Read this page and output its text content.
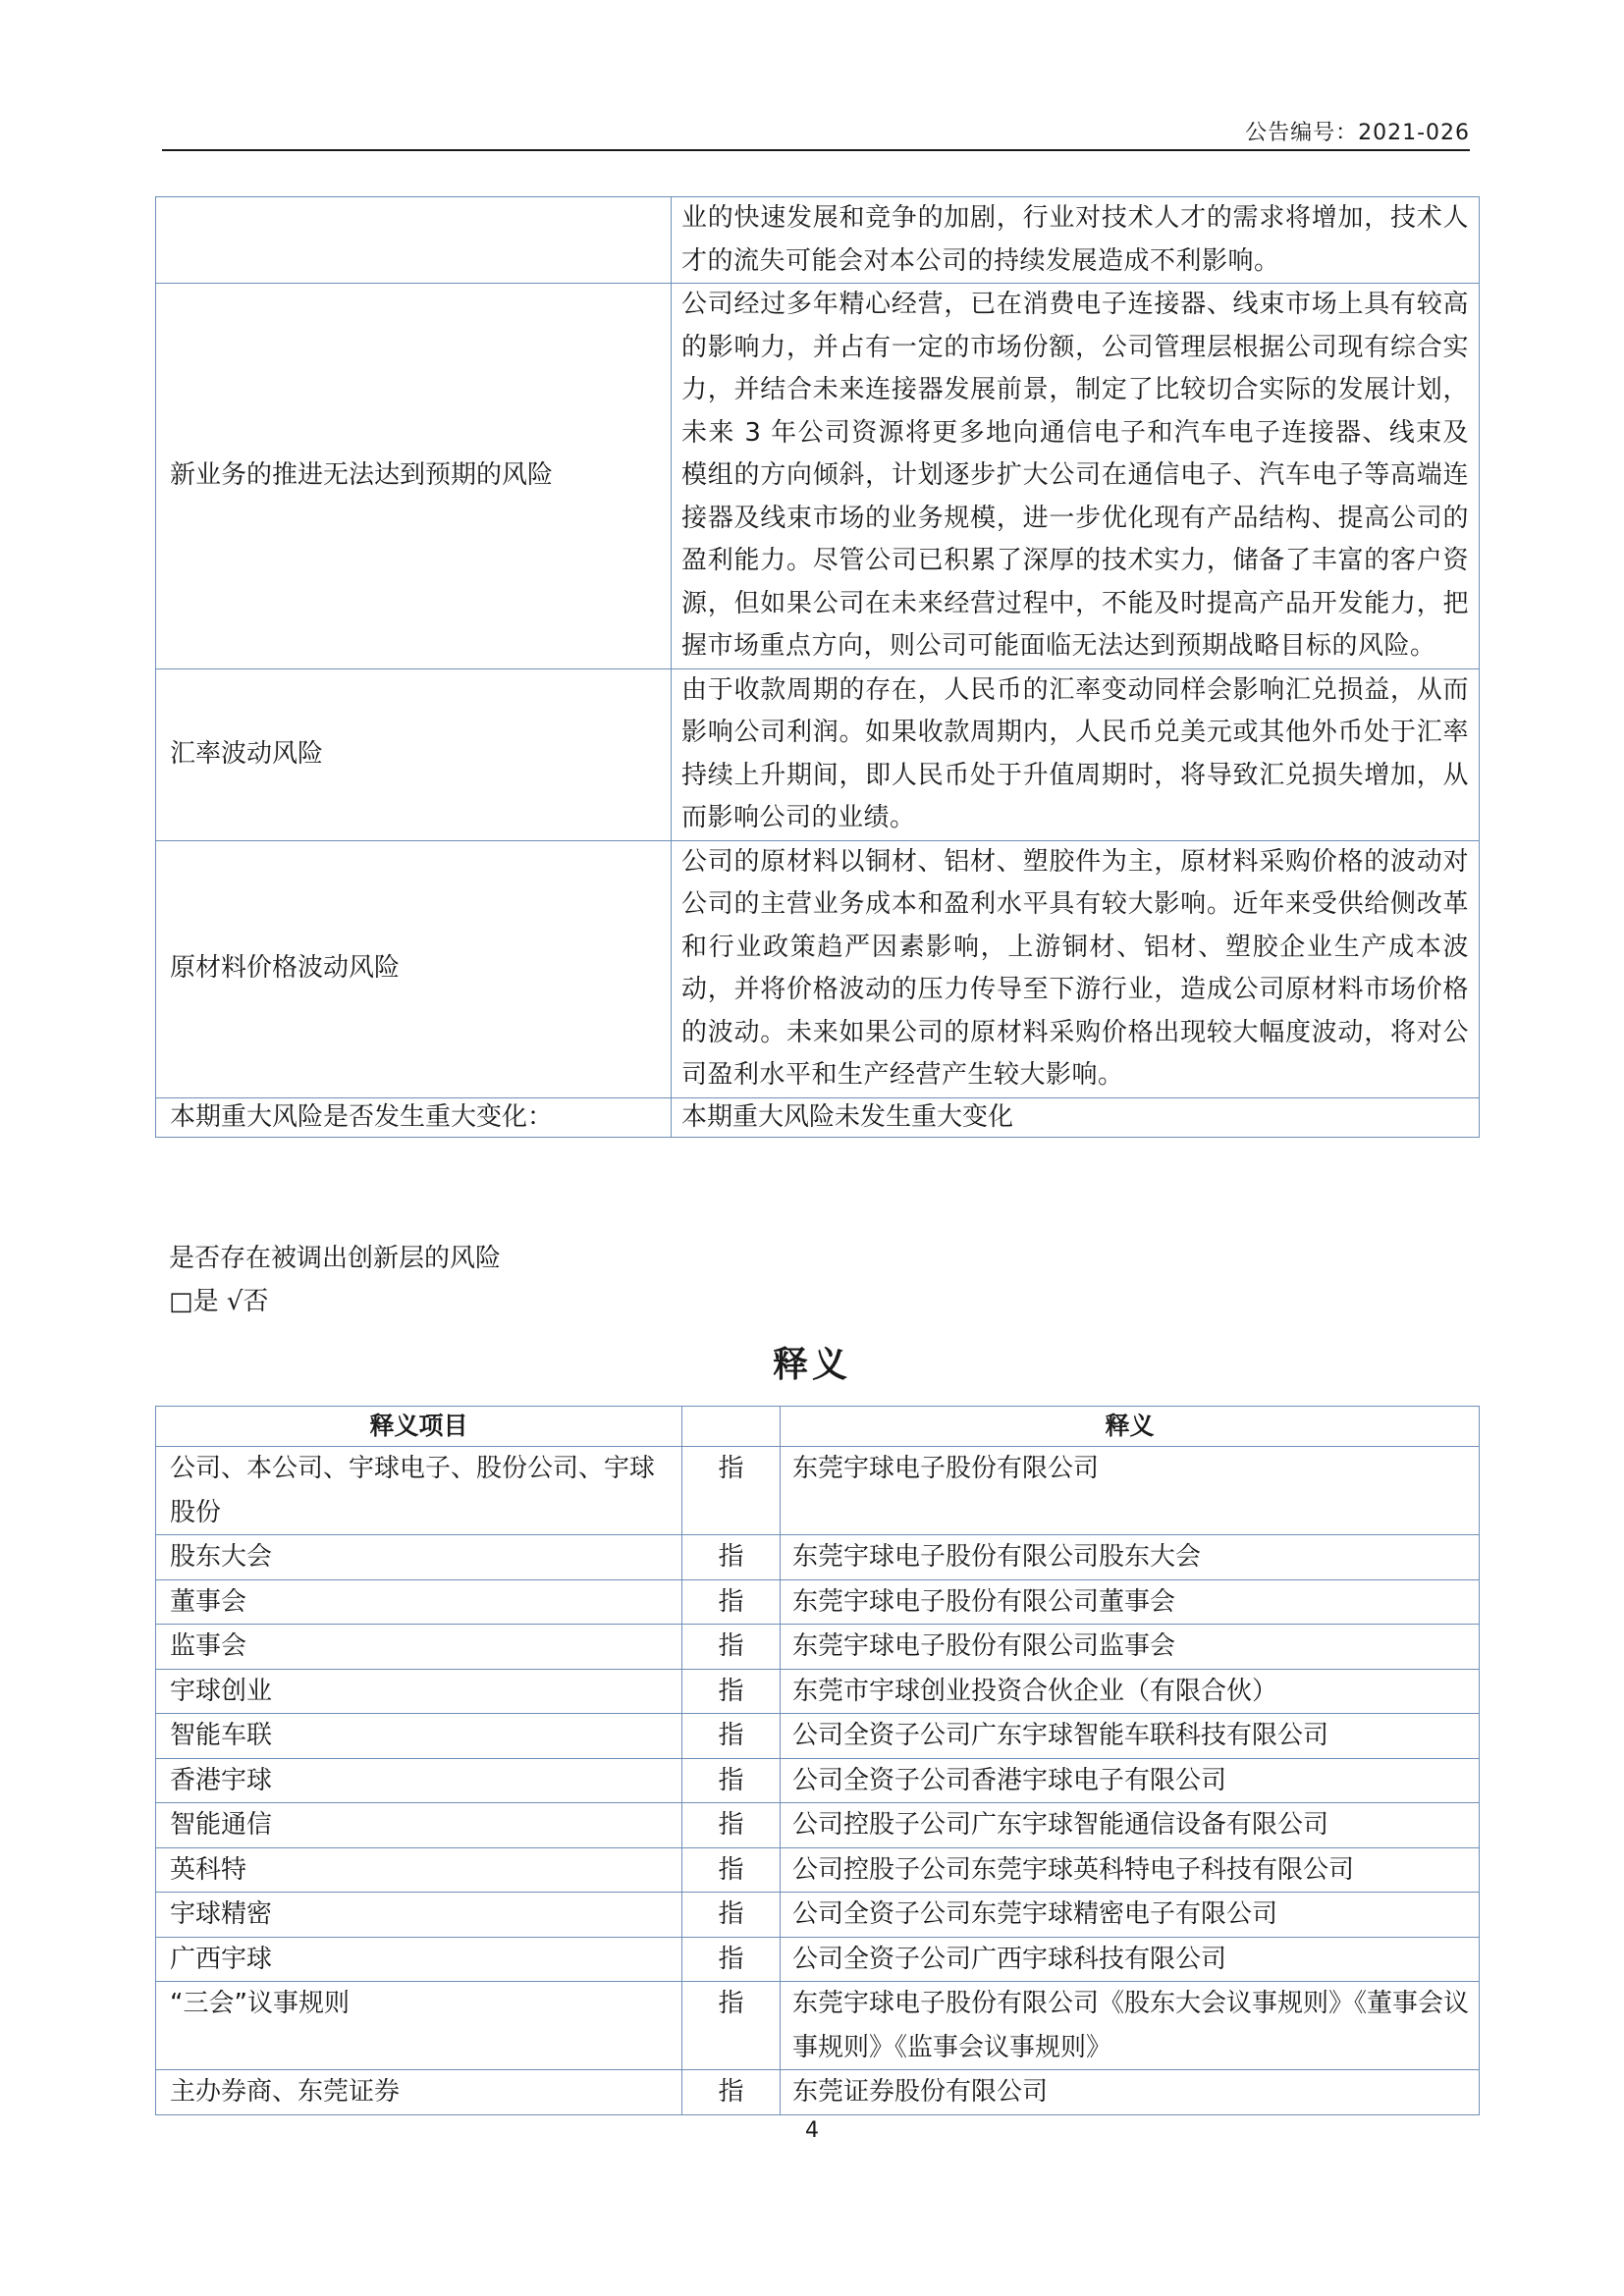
公告编号：2021-026
	业的快速发展和竞争的加剧，行业对技术人才的需求将增加，技术人才的流失可能会对本公司的持续发展造成不利影响。
新业务的推进无法达到预期的风险	公司经过多年精心经营，已在消费电子连接器、线束市场上具有较高的影响力，并占有一定的市场份额，公司管理层根据公司现有综合实力，并结合未来连接器发展前景，制定了比较切合实际的发展计划，未来 3 年公司资源将更多地向通信电子和汽车电子连接器、线束及模组的方向倾斜，计划逐步扩大公司在通信电子、汽车电子等高端连接器及线束市场的业务规模，进一步优化现有产品结构、提高公司的盈利能力。尽管公司已积累了深厚的技术实力，储备了丰富的客户资源，但如果公司在未来经营过程中，不能及时提高产品开发能力，把握市场重点方向，则公司可能面临无法达到预期战略目标的风险。
汇率波动风险	由于收款周期的存在，人民币的汇率变动同样会影响汇兑损益，从而影响公司利润。如果收款周期内，人民币兑美元或其他外币处于汇率持续上升期间，即人民币处于升值周期时，将导致汇兑损失增加，从而影响公司的业绩。
原材料价格波动风险	公司的原材料以铜材、铝材、塑胶件为主，原材料采购价格的波动对公司的主营业务成本和盈利水平具有较大影响。近年来受供给侧改革和行业政策趋严因素影响，上游铜材、铝材、塑胶企业生产成本波动，并将价格波动的压力传导至下游行业，造成公司原材料市场价格的波动。未来如果公司的原材料采购价格出现较大幅度波动，将对公司盈利水平和生产经营产生较大影响。
本期重大风险是否发生重大变化：	本期重大风险未发生重大变化
是否存在被调出创新层的风险
□是 √否
释义
释义项目		释义
公司、本公司、宇球电子、股份公司、宇球股份	指	东莞宇球电子股份有限公司
股东大会	指	东莞宇球电子股份有限公司股东大会
董事会	指	东莞宇球电子股份有限公司董事会
监事会	指	东莞宇球电子股份有限公司监事会
宇球创业	指	东莞市宇球创业投资合伙企业（有限合伙）
智能车联	指	公司全资子公司广东宇球智能车联科技有限公司
香港宇球	指	公司全资子公司香港宇球电子有限公司
智能通信	指	公司控股子公司广东宇球智能通信设备有限公司
英科特	指	公司控股子公司东莞宇球英科特电子科技有限公司
宇球精密	指	公司全资子公司东莞宇球精密电子有限公司
广西宇球	指	公司全资子公司广西宇球科技有限公司
“三会”议事规则	指	东莞宇球电子股份有限公司《股东大会议事规则》《董事会议事规则》《监事会议事规则》
主办券商、东莞证券	指	东莞证券股份有限公司
4
